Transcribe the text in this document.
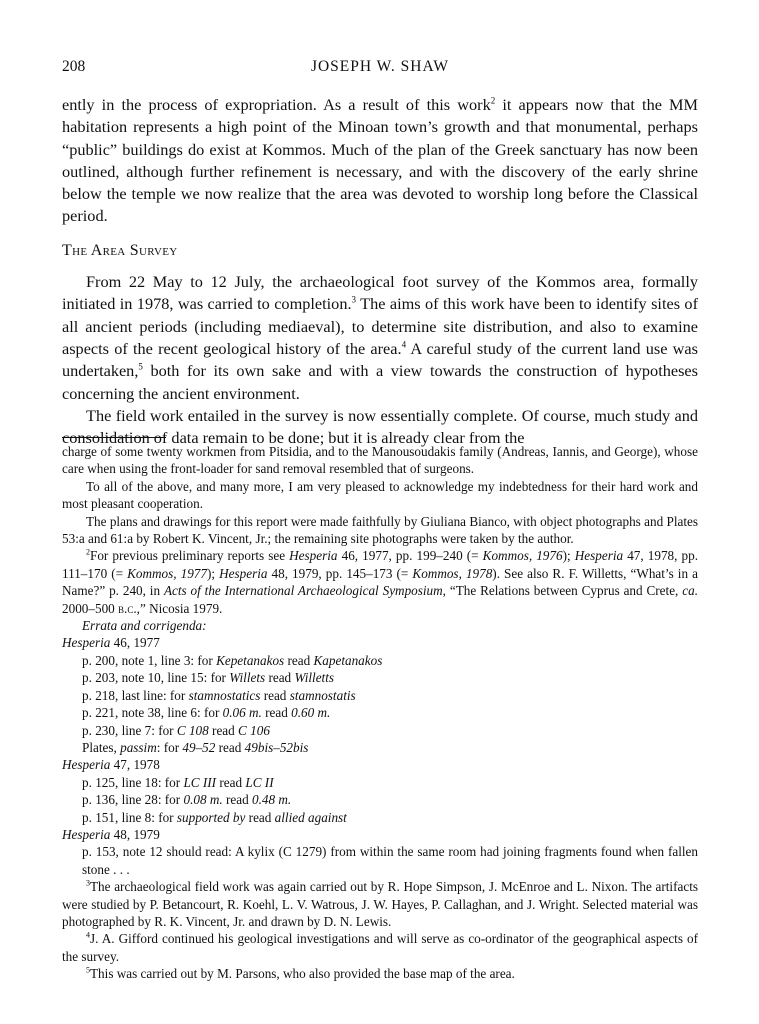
208	JOSEPH W. SHAW

ently in the process of expropriation. As a result of this work$^2$ it appears now that the MM habitation represents a high point of the Minoan town’s growth and that monumental, perhaps “public” buildings do exist at Kommos. Much of the plan of the Greek sanctuary has now been outlined, although further refinement is necessary, and with the discovery of the early shrine below the temple we now realize that the area was devoted to worship long before the Classical period.

The Area Survey

From 22 May to 12 July, the archaeological foot survey of the Kommos area, formally initiated in 1978, was carried to completion.$^3$ The aims of this work have been to identify sites of all ancient periods (including mediaeval), to determine site distribution, and also to examine aspects of the recent geological history of the area.$^4$ A careful study of the current land use was undertaken,$^5$ both for its own sake and with a view towards the construction of hypotheses concerning the ancient environment.

The field work entailed in the survey is now essentially complete. Of course, much study and consolidation of data remain to be done; but it is already clear from the

charge of some twenty workmen from Pitsidia, and to the Manousoudakis family (Andreas, Iannis, and George), whose care when using the front-loader for sand removal resembled that of surgeons.

To all of the above, and many more, I am very pleased to acknowledge my indebtedness for their hard work and most pleasant cooperation.

The plans and drawings for this report were made faithfully by Giuliana Bianco, with object photographs and Plates 53:a and 61:a by Robert K. Vincent, Jr.; the remaining site photographs were taken by the author.

$^2$For previous preliminary reports see Hesperia 46, 1977, pp. 199–240 (= Kommos, 1976); Hesperia 47, 1978, pp. 111–170 (= Kommos, 1977); Hesperia 48, 1979, pp. 145–173 (= Kommos, 1978). See also R. F. Willetts, “What’s in a Name?” p. 240, in Acts of the International Archaeological Symposium, “The Relations between Cyprus and Crete, ca. 2000–500 b.c.,” Nicosia 1979.

Errata and corrigenda:

Hesperia 46, 1977

p. 200, note 1, line 3: for Kepetanakos read Kapetanakos

p. 203, note 10, line 15: for Willets read Willetts

p. 218, last line: for stamnostatics read stamnostatis

p. 221, note 38, line 6: for 0.06 m. read 0.60 m.

p. 230, line 7: for C 108 read C 106

Plates, passim: for 49–52 read 49bis–52bis

Hesperia 47, 1978

p. 125, line 18: for LC III read LC II

p. 136, line 28: for 0.08 m. read 0.48 m.

p. 151, line 8: for supported by read allied against

Hesperia 48, 1979

p. 153, note 12 should read: A kylix (C 1279) from within the same room had joining fragments found when fallen stone . . .

$^3$The archaeological field work was again carried out by R. Hope Simpson, J. McEnroe and L. Nixon. The artifacts were studied by P. Betancourt, R. Koehl, L. V. Watrous, J. W. Hayes, P. Callaghan, and J. Wright. Selected material was photographed by R. K. Vincent, Jr. and drawn by D. N. Lewis.

$^4$J. A. Gifford continued his geological investigations and will serve as co-ordinator of the geographical aspects of the survey.

$^5$This was carried out by M. Parsons, who also provided the base map of the area.
